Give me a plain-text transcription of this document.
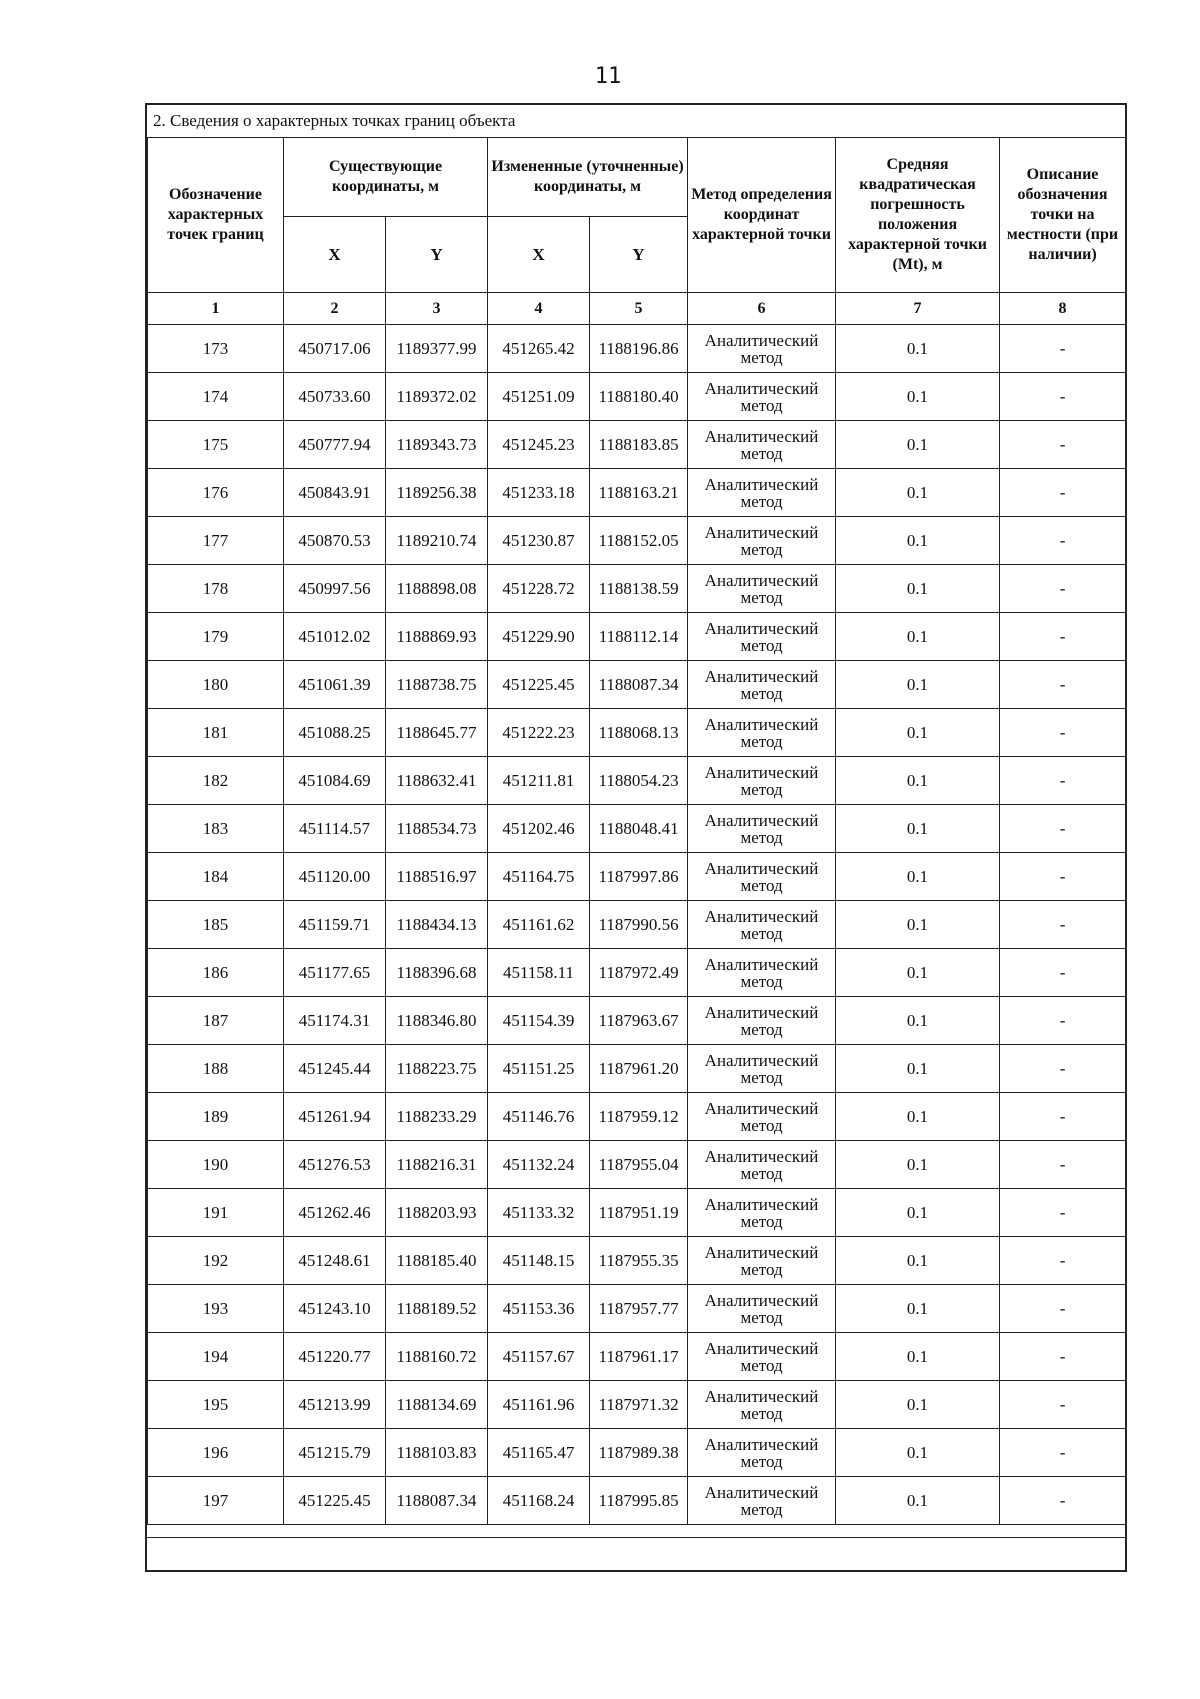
11
2. Сведения о характерных точках границ объекта
Обозначение характерных точек границ	Существующие координаты, м		Измененные (уточненные) координаты, м		Метод определения координат характерной точки	Средняя квадратическая погрешность положения характерной точки (Mt), м	Описание обозначения точки на местности (при наличии)
	X	Y	X	Y			
1	2	3	4	5	6	7	8
173	450717.06	1189377.99	451265.42	1188196.86	Аналитический метод	0.1	-
174	450733.60	1189372.02	451251.09	1188180.40	Аналитический метод	0.1	-
175	450777.94	1189343.73	451245.23	1188183.85	Аналитический метод	0.1	-
176	450843.91	1189256.38	451233.18	1188163.21	Аналитический метод	0.1	-
177	450870.53	1189210.74	451230.87	1188152.05	Аналитический метод	0.1	-
178	450997.56	1188898.08	451228.72	1188138.59	Аналитический метод	0.1	-
179	451012.02	1188869.93	451229.90	1188112.14	Аналитический метод	0.1	-
180	451061.39	1188738.75	451225.45	1188087.34	Аналитический метод	0.1	-
181	451088.25	1188645.77	451222.23	1188068.13	Аналитический метод	0.1	-
182	451084.69	1188632.41	451211.81	1188054.23	Аналитический метод	0.1	-
183	451114.57	1188534.73	451202.46	1188048.41	Аналитический метод	0.1	-
184	451120.00	1188516.97	451164.75	1187997.86	Аналитический метод	0.1	-
185	451159.71	1188434.13	451161.62	1187990.56	Аналитический метод	0.1	-
186	451177.65	1188396.68	451158.11	1187972.49	Аналитический метод	0.1	-
187	451174.31	1188346.80	451154.39	1187963.67	Аналитический метод	0.1	-
188	451245.44	1188223.75	451151.25	1187961.20	Аналитический метод	0.1	-
189	451261.94	1188233.29	451146.76	1187959.12	Аналитический метод	0.1	-
190	451276.53	1188216.31	451132.24	1187955.04	Аналитический метод	0.1	-
191	451262.46	1188203.93	451133.32	1187951.19	Аналитический метод	0.1	-
192	451248.61	1188185.40	451148.15	1187955.35	Аналитический метод	0.1	-
193	451243.10	1188189.52	451153.36	1187957.77	Аналитический метод	0.1	-
194	451220.77	1188160.72	451157.67	1187961.17	Аналитический метод	0.1	-
195	451213.99	1188134.69	451161.96	1187971.32	Аналитический метод	0.1	-
196	451215.79	1188103.83	451165.47	1187989.38	Аналитический метод	0.1	-
197	451225.45	1188087.34	451168.24	1187995.85	Аналитический метод	0.1	-
